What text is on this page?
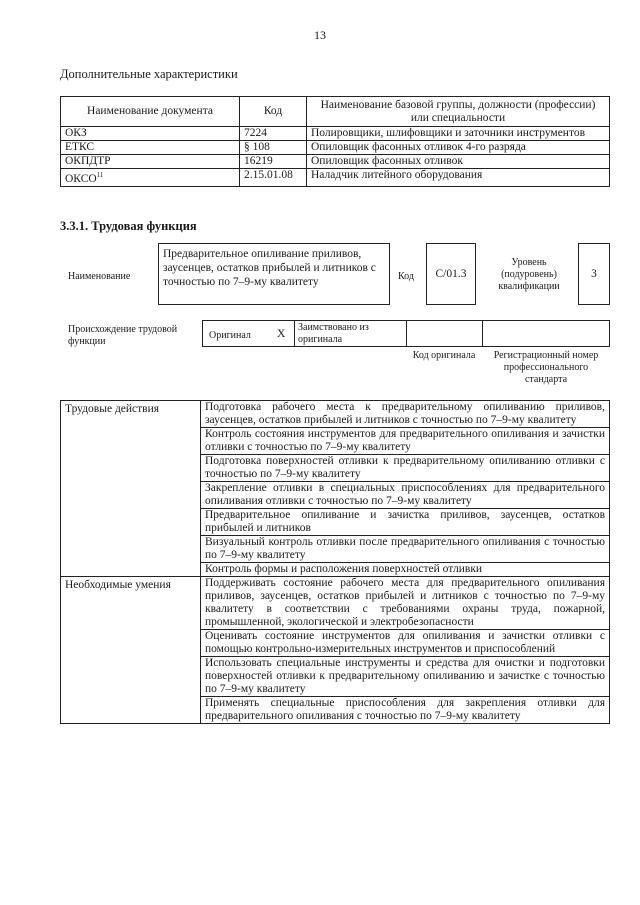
13
Дополнительные характеристики
Наименование документа	Код	Наименование базовой группы, должности (профессии) или специальности
ОКЗ	7224	Полировщики, шлифовщики и заточники инструментов
ЕТКС	§ 108	Опиловщик фасонных отливок 4-го разряда
ОКПДТР	16219	Опиловщик фасонных отливок
ОКСО$^{11}$	2.15.01.08	Наладчик литейного оборудования
3.3.1. Трудовая функция
Наименование
Предварительное опиливание приливов, заусенцев, остатков прибылей и литников с точностью по 7–9-му квалитету	Код	С/01.3
Уровень (подуровень) квалификации
3
Происхождение трудовой функции
Оригинал X
Заимствовано из оригинала
Код оригинала	Регистрационный номер профессионального стандарта
Трудовые действия	Подготовка рабочего места к предварительному опиливанию приливов, заусенцев, остатков прибылей и литников с точностью по 7–9-му квалитету
	Контроль состояния инструментов для предварительного опиливания и зачистки отливки с точностью по 7–9-му квалитету
	Подготовка поверхностей отливки к предварительному опиливанию отливки с точностью по 7–9-му квалитету
	Закрепление отливки в специальных приспособлениях для предварительного опиливания отливки с точностью по 7–9-му квалитету
	Предварительное опиливание и зачистка приливов, заусенцев, остатков прибылей и литников
	Визуальный контроль отливки после предварительного опиливания с точностью по 7–9-му квалитету
	Контроль формы и расположения поверхностей отливки
Необходимые умения	Поддерживать состояние рабочего места для предварительного опиливания приливов, заусенцев, остатков прибылей и литников с точностью по 7–9-му квалитету в соответствии с требованиями охраны труда, пожарной, промышленной, экологической и электробезопасности
	Оценивать состояние инструментов для опиливания и зачистки отливки с помощью контрольно-измерительных инструментов и приспособлений
	Использовать специальные инструменты и средства для очистки и подготовки поверхностей отливки к предварительному опиливанию и зачистке с точностью по 7–9-му квалитету
	Применять специальные приспособления для закрепления отливки для предварительного опиливания с точностью по 7–9-му квалитету
